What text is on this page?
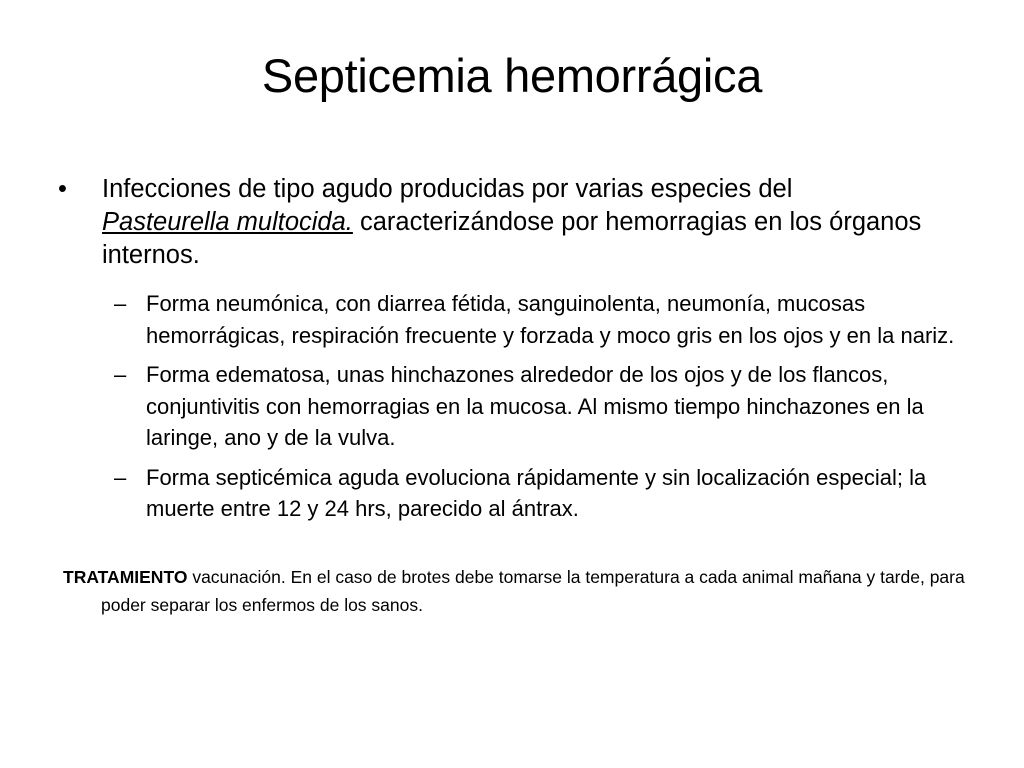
Septicemia hemorrágica
•	Infecciones de tipo agudo producidas por varias especies del
Pasteurella multocida. caracterizándose por hemorragias en los órganos internos.
– Forma neumónica, con diarrea fétida, sanguinolenta, neumonía, mucosas hemorrágicas, respiración frecuente y forzada y moco gris en los ojos y en la nariz.
– Forma edematosa, unas hinchazones alrededor de los ojos y de los flancos, conjuntivitis con hemorragias en la mucosa. Al mismo tiempo hinchazones en la laringe, ano y de la vulva.
– Forma septicémica aguda evoluciona rápidamente y sin localización especial; la muerte entre 12 y 24 hrs, parecido al ántrax.
TRATAMIENTO vacunación. En el caso de brotes debe tomarse la temperatura a cada animal mañana y tarde, para poder separar los enfermos de los sanos.
